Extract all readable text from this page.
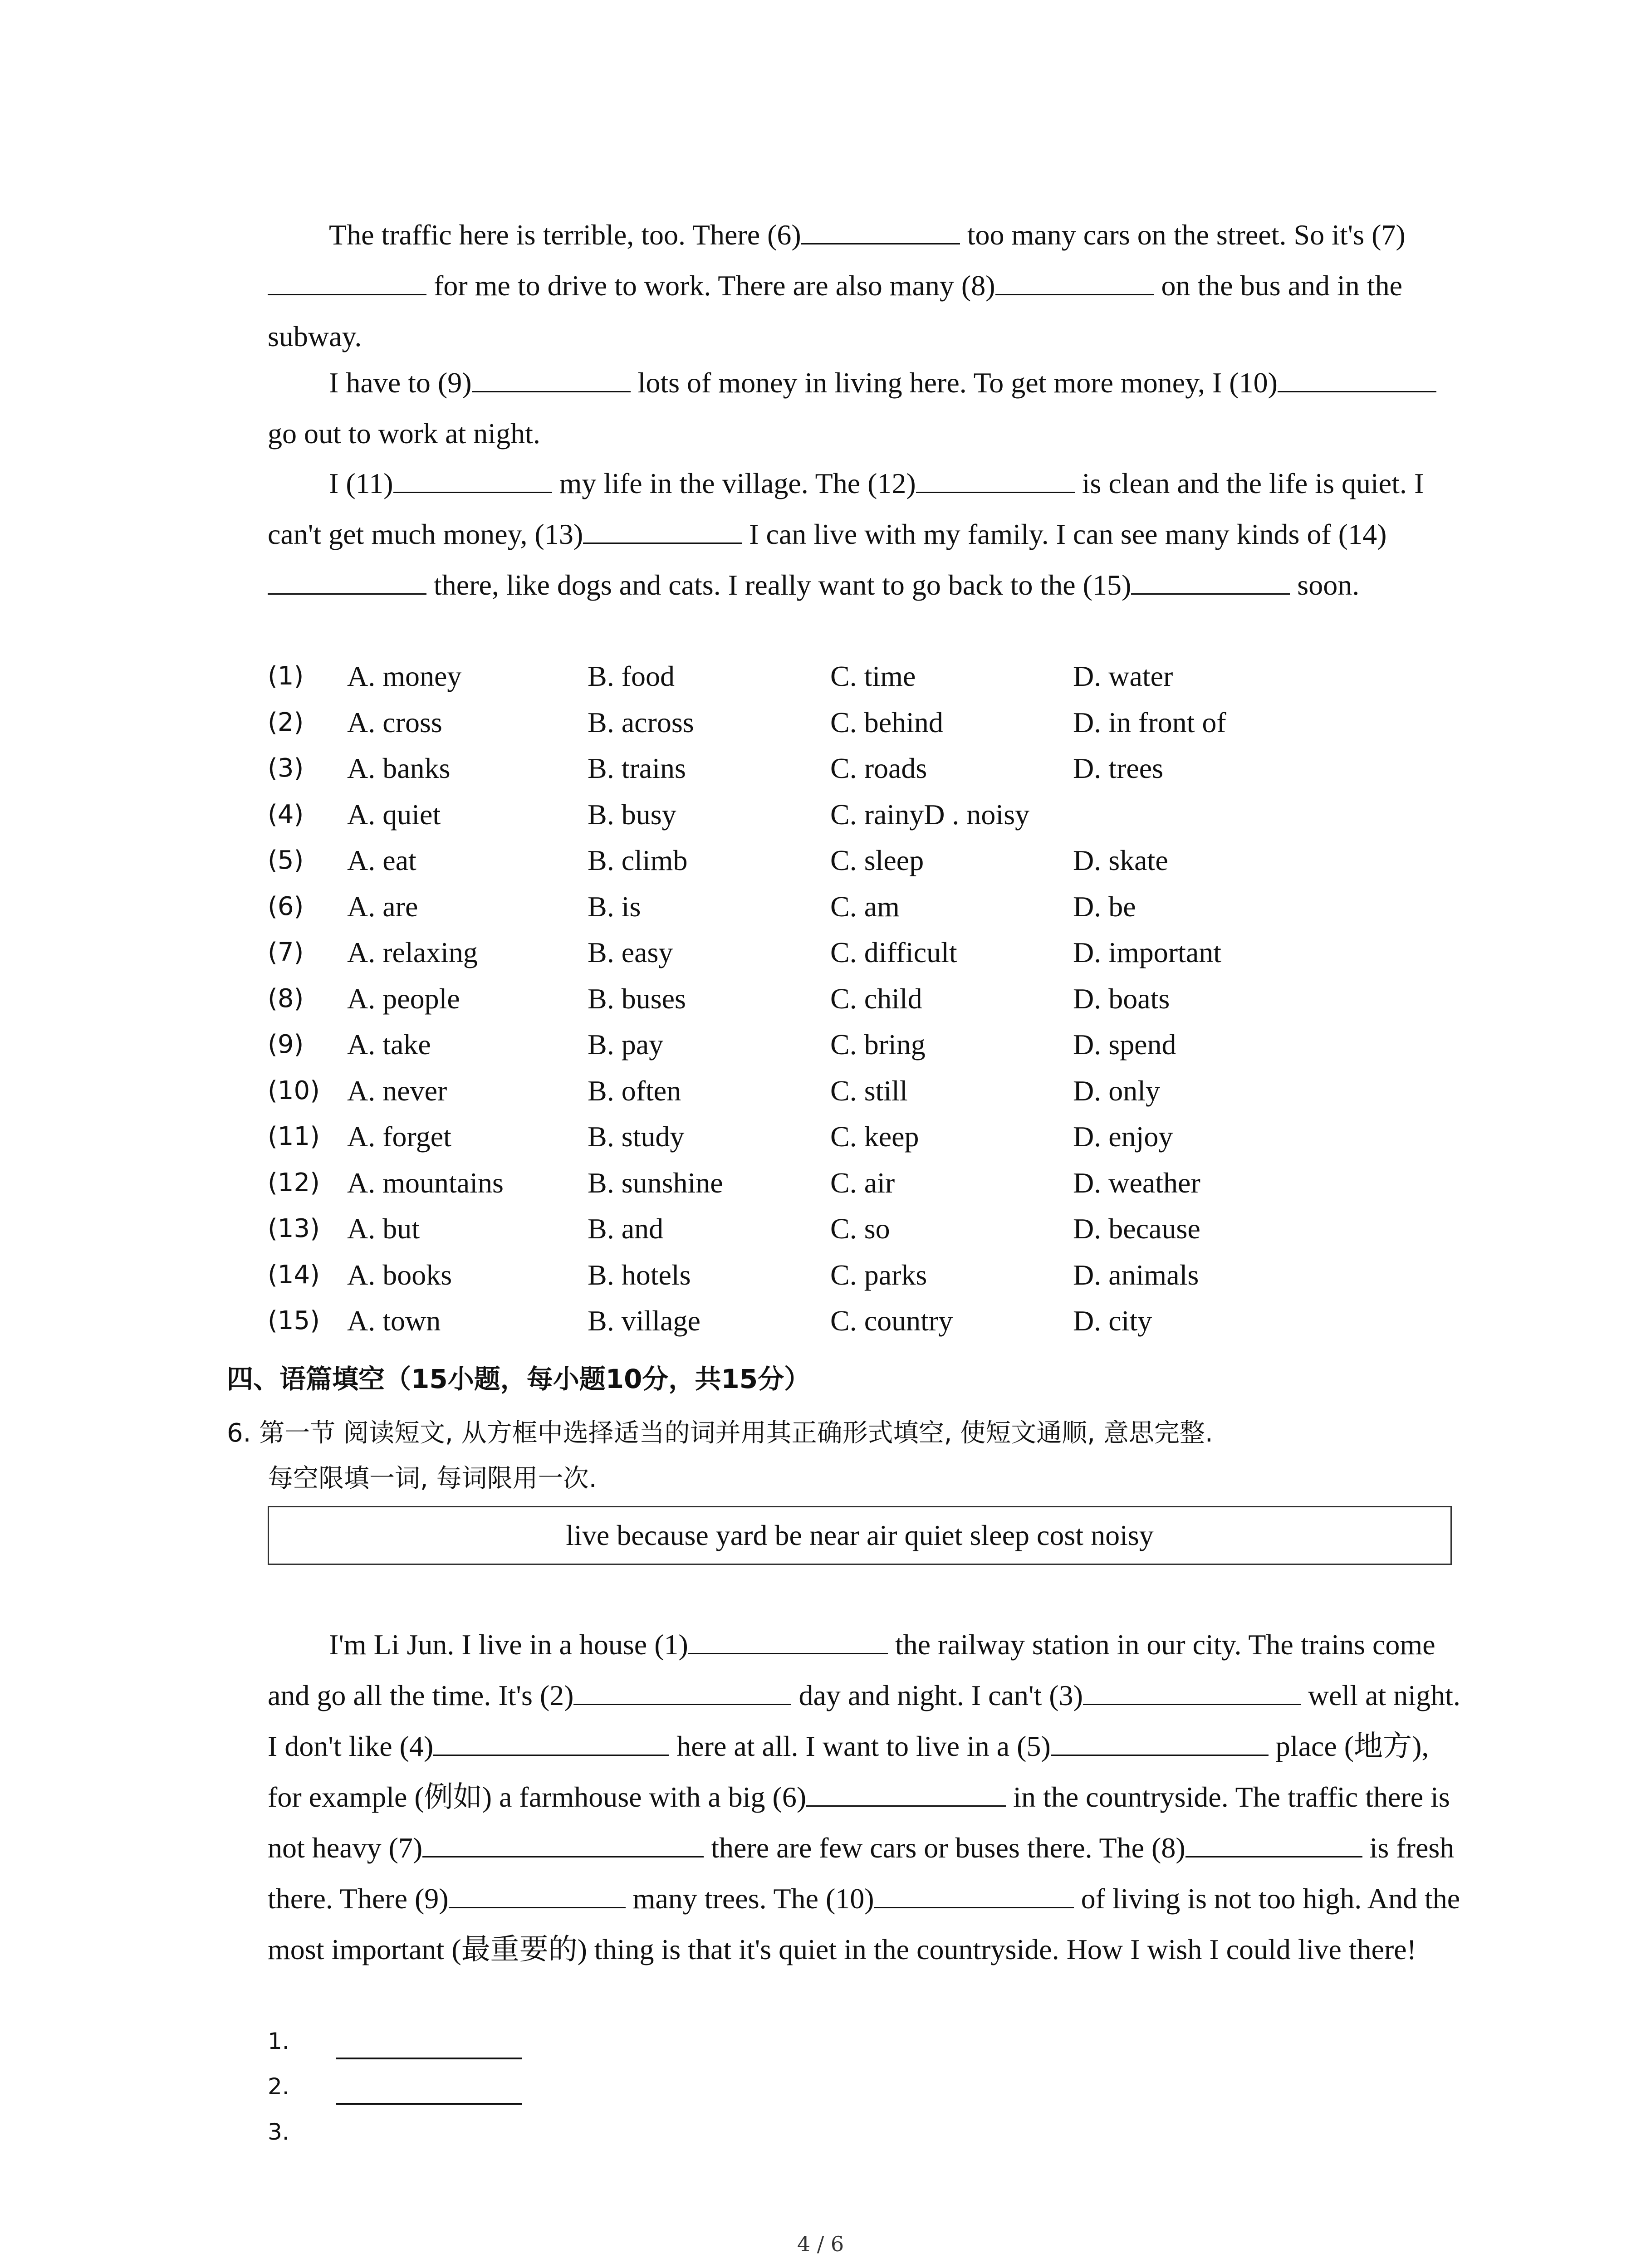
The traffic here is terrible, too. There (6)	too many cars on the street. So it's (7) for me to drive to work. There are also many (8)	on the bus and in the subway.
I have to (9)	lots of money in living here. To get more money, I (10) go out to work at night.
I (11)	my life in the village. The (12)	is clean and the life is quiet. I can't get much money, (13)	I can live with my family. I can see many kinds of (14) there, like dogs and cats. I really want to go back to the (15)	soon.
(1) A. money	B. food	C. time	D. water
(2) A. cross	B. across	C. behind	D. in front of
(3) A. banks	B. trains	C. roads	D. trees
(4) A. quiet	B. busy	C. rainyD . noisy
(5) A. eat	B. climb	C. sleep	D. skate
(6) A. are	B. is	C. am	D. be
(7) A. relaxing	B. easy	C. difficult	D. important
(8) A. people	B. buses	C. child	D. boats
(9) A. take	B. pay	C. bring	D. spend
(10) A. never	B. often	C. still	D. only
(11) A. forget	B. study	C. keep	D. enjoy
(12) A. mountains	B. sunshine	C. air	D. weather
(13) A. but	B. and	C. so	D. because
(14) A. books	B. hotels	C. parks	D. animals
(15) A. town	B. village	C. country	D. city
四、语篇填空（15小题，每小题10分，共15分）
6. 第一节 阅读短文, 从方框中选择适当的词并用其正确形式填空, 使短文通顺, 意思完整.
每空限填一词, 每词限用一次.
live because yard be near air quiet sleep cost noisy
I'm Li Jun. I live in a house (1)	the railway station in our city. The trains come and go all the time. It's (2)	day and night. I can't (3)	well at night. I don't like (4)	here at all. I want to live in a (5)	place (地方), for example (例如) a farmhouse with a big (6)	in the countryside. The traffic there is not heavy (7)	there are few cars or buses there. The (8)	is fresh there. There (9)	many trees. The (10)	of living is not too high. And the most important (最重要的) thing is that it's quiet in the countryside. How I wish I could live there!
1.
2.
3.
4 / 6
